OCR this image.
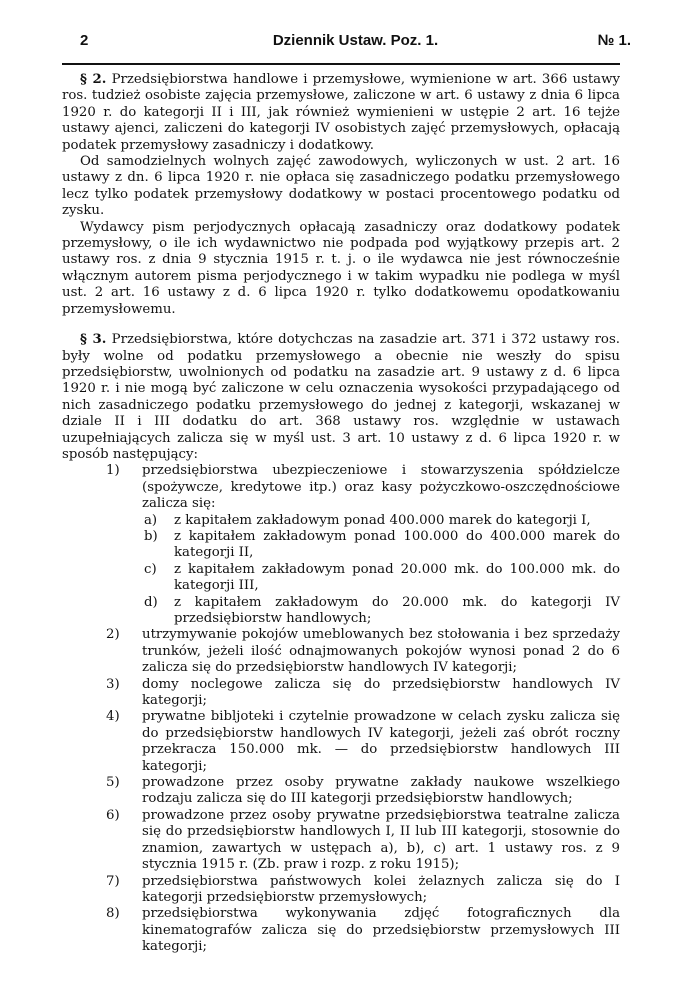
2	Dziennik Ustaw. Poz. 1.	№ 1.

§ 2. Przedsiębiorstwa handlowe i przemysłowe, wymienione w art. 366 ustawy ros. tudzież osobiste zajęcia przemysłowe, zaliczone w art. 6 ustawy z dnia 6 lipca 1920 r. do kategorji II i III, jak również wymienieni w ustępie 2 art. 16 tejże ustawy ajenci, zaliczeni do kategorji IV osobistych zajęć przemysłowych, opłacają podatek przemysłowy zasadniczy i dodatkowy.

Od samodzielnych wolnych zajęć zawodowych, wyliczonych w ust. 2 art. 16 ustawy z dn. 6 lipca 1920 r. nie opłaca się zasadniczego podatku przemysłowego lecz tylko podatek przemysłowy dodatkowy w postaci procentowego podatku od zysku.

Wydawcy pism perjodycznych opłacają zasadniczy oraz dodatkowy podatek przemysłowy, o ile ich wydawnictwo nie podpada pod wyjątkowy przepis art. 2 ustawy ros. z dnia 9 stycznia 1915 r. t. j. o ile wydawca nie jest równocześnie włącznym autorem pisma perjodycznego i w takim wypadku nie podlega w myśl ust. 2 art. 16 ustawy z d. 6 lipca 1920 r. tylko dodatkowemu opodatkowaniu przemysłowemu.

§ 3. Przedsiębiorstwa, które dotychczas na zasadzie art. 371 i 372 ustawy ros. były wolne od podatku przemysłowego a obecnie nie weszły do spisu przedsiębiorstw, uwolnionych od podatku na zasadzie art. 9 ustawy z d. 6 lipca 1920 r. i nie mogą być zaliczone w celu oznaczenia wysokości przypadającego od nich zasadniczego podatku przemysłowego do jednej z kategorji, wskazanej w dziale II i III dodatku do art. 368 ustawy ros. względnie w ustawach uzupełniających zalicza się w myśl ust. 3 art. 10 ustawy z d. 6 lipca 1920 r. w sposób następujący:

1) przedsiębiorstwa ubezpieczeniowe i stowarzyszenia spółdzielcze (spożywcze, kredytowe itp.) oraz kasy pożyczkowo-oszczędnościowe zalicza się:
a) z kapitałem zakładowym ponad 400.000 marek do kategorji I,
b) z kapitałem zakładowym ponad 100.000 do 400.000 marek do kategorji II,
c) z kapitałem zakładowym ponad 20.000 mk. do 100.000 mk. do kategorji III,
d) z kapitałem zakładowym do 20.000 mk. do kategorji IV przedsiębiorstw handlowych;
2) utrzymywanie pokojów umeblowanych bez stołowania i bez sprzedaży trunków, jeżeli ilość odnajmowanych pokojów wynosi ponad 2 do 6 zalicza się do przedsiębiorstw handlowych IV kategorji;
3) domy noclegowe zalicza się do przedsiębiorstw handlowych IV kategorji;
4) prywatne bibljoteki i czytelnie prowadzone w celach zysku zalicza się do przedsiębiorstw handlowych IV kategorji, jeżeli zaś obrót roczny przekracza 150.000 mk. — do przedsiębiorstw handlowych III kategorji;
5) prowadzone przez osoby prywatne zakłady naukowe wszelkiego rodzaju zalicza się do III kategorji przedsiębiorstw handlowych;
6) prowadzone przez osoby prywatne przedsiębiorstwa teatralne zalicza się do przedsiębiorstw handlowych I, II lub III kategorji, stosownie do znamion, zawartych w ustępach a), b), c) art. 1 ustawy ros. z 9 stycznia 1915 r. (Zb. praw i rozp. z roku 1915);
7) przedsiębiorstwa państwowych kolei żelaznych zalicza się do I kategorji przedsiębiorstw przemysłowych;
8) przedsiębiorstwa wykonywania zdjęć fotograficznych dla kinematografów zalicza się do przedsiębiorstw przemysłowych III kategorji;
